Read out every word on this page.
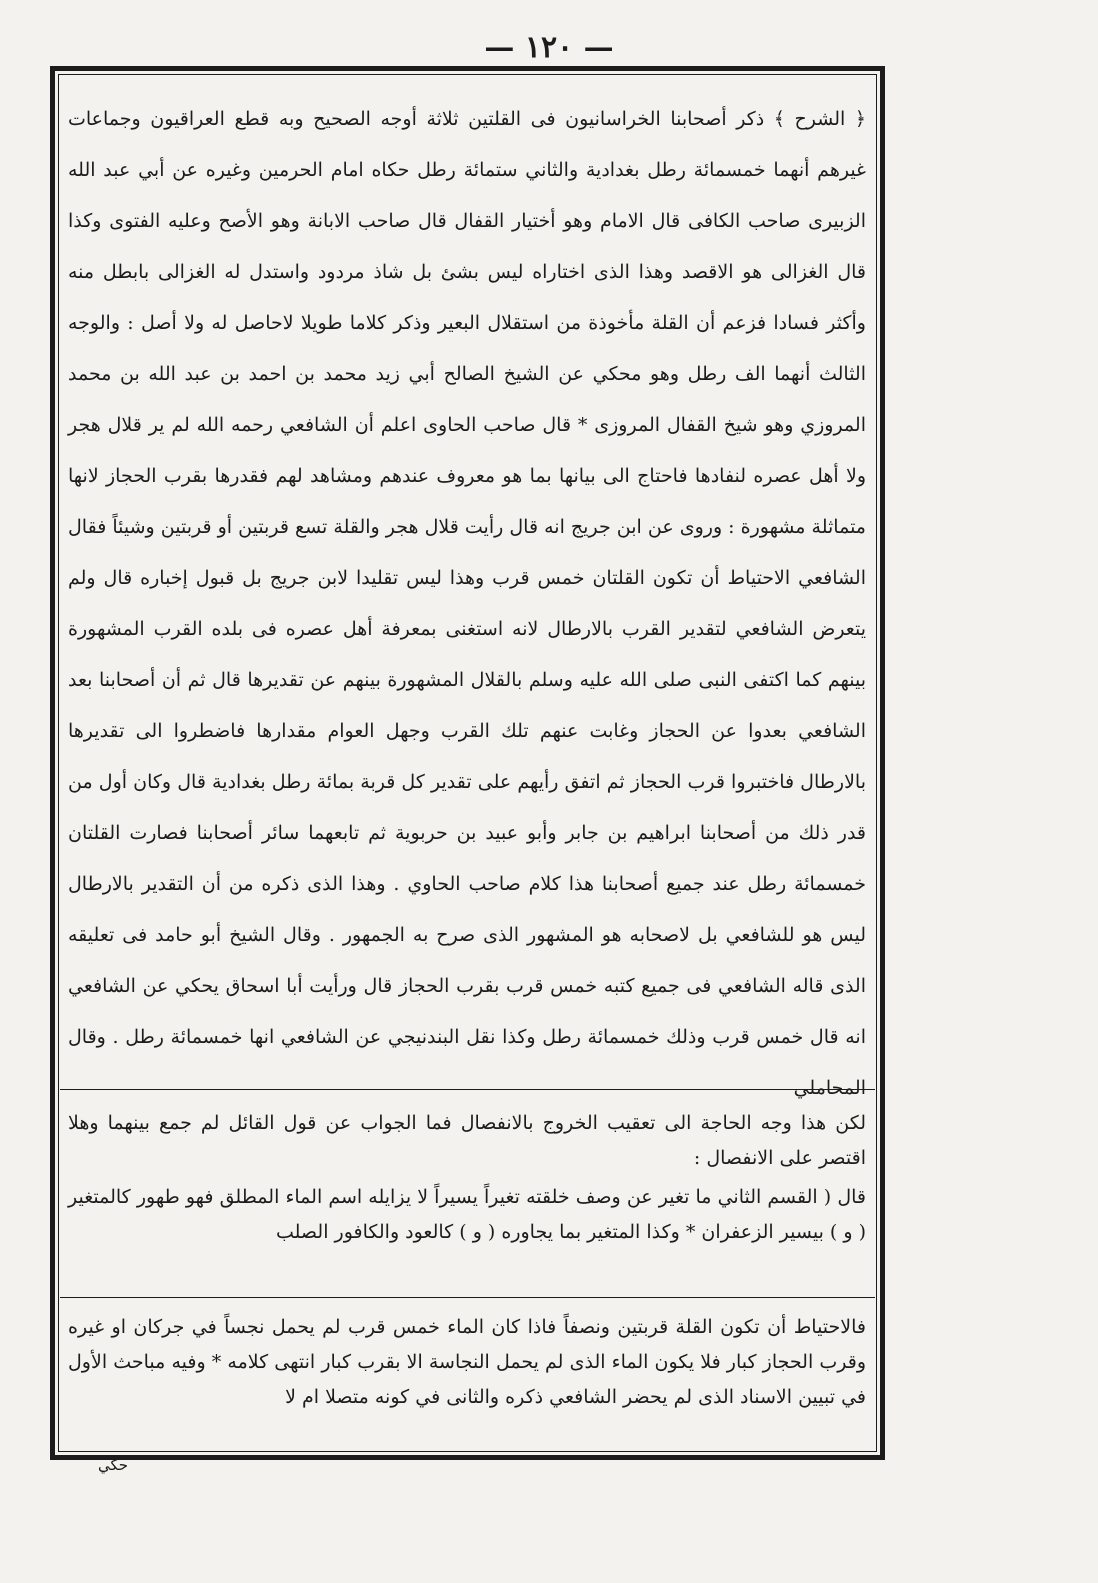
— ١٢٠ —

﴿ الشرح ﴾ ذكر أصحابنا الخراسانيون فى القلتين ثلاثة أوجه الصحيح وبه قطع العراقيون وجماعات غيرهم أنهما خمسمائة رطل بغدادية والثاني ستمائة رطل حكاه امام الحرمين وغيره عن أبي عبد الله الزبيرى صاحب الكافى قال الامام وهو أختيار القفال قال صاحب الابانة وهو الأصح وعليه الفتوى وكذا قال الغزالى هو الاقصد وهذا الذى اختاراه ليس بشئ بل شاذ مردود واستدل له الغزالى بابطل منه وأكثر فسادا فزعم أن القلة مأخوذة من استقلال البعير وذكر كلاما طويلا لاحاصل له ولا أصل : والوجه الثالث أنهما الف رطل وهو محكي عن الشيخ الصالح أبي زيد محمد بن احمد بن عبد الله بن محمد المروزي وهو شيخ القفال المروزى * قال صاحب الحاوى اعلم أن الشافعي رحمه الله لم ير قلال هجر ولا أهل عصره لنفادها فاحتاج الى بيانها بما هو معروف عندهم ومشاهد لهم فقدرها بقرب الحجاز لانها متماثلة مشهورة : وروى عن ابن جريج انه قال رأيت قلال هجر والقلة تسع قربتين أو قربتين وشيئاً فقال الشافعي الاحتياط أن تكون القلتان خمس قرب وهذا ليس تقليدا لابن جريج بل قبول إخباره قال ولم يتعرض الشافعي لتقدير القرب بالارطال لانه استغنى بمعرفة أهل عصره فى بلده القرب المشهورة بينهم كما اكتفى النبى صلى الله عليه وسلم بالقلال المشهورة بينهم عن تقديرها قال ثم أن أصحابنا بعد الشافعي بعدوا عن الحجاز وغابت عنهم تلك القرب وجهل العوام مقدارها فاضطروا الى تقديرها بالارطال فاختبروا قرب الحجاز ثم اتفق رأيهم على تقدير كل قربة بمائة رطل بغدادية قال وكان أول من قدر ذلك من أصحابنا ابراهيم بن جابر وأبو عبيد بن حربوية ثم تابعهما سائر أصحابنا فصارت القلتان خمسمائة رطل عند جميع أصحابنا هذا كلام صاحب الحاوي . وهذا الذى ذكره من أن التقدير بالارطال ليس هو للشافعي بل لاصحابه هو المشهور الذى صرح به الجمهور . وقال الشيخ أبو حامد فى تعليقه الذى قاله الشافعي فى جميع كتبه خمس قرب بقرب الحجاز قال ورأيت أبا اسحاق يحكي عن الشافعي انه قال خمس قرب وذلك خمسمائة رطل وكذا نقل البندنيجي عن الشافعي انها خمسمائة رطل . وقال المحاملي

لكن هذا وجه الحاجة الى تعقيب الخروج بالانفصال فما الجواب عن قول القائل لم جمع بينهما وهلا اقتصر على الانفصال :

قال ( القسم الثاني ما تغير عن وصف خلقته تغيراً يسيراً لا يزايله اسم الماء المطلق فهو طهور كالمتغير ( و ) بيسير الزعفران * وكذا المتغير بما يجاوره ( و ) كالعود والكافور الصلب

فالاحتياط أن تكون القلة قربتين ونصفاً فاذا كان الماء خمس قرب لم يحمل نجساً في جركان او غيره وقرب الحجاز كبار فلا يكون الماء الذى لم يحمل النجاسة الا بقرب كبار انتهى كلامه * وفيه مباحث الأول في تبيين الاسناد الذى لم يحضر الشافعي ذكره والثانى في كونه متصلا ام لا

حكي
